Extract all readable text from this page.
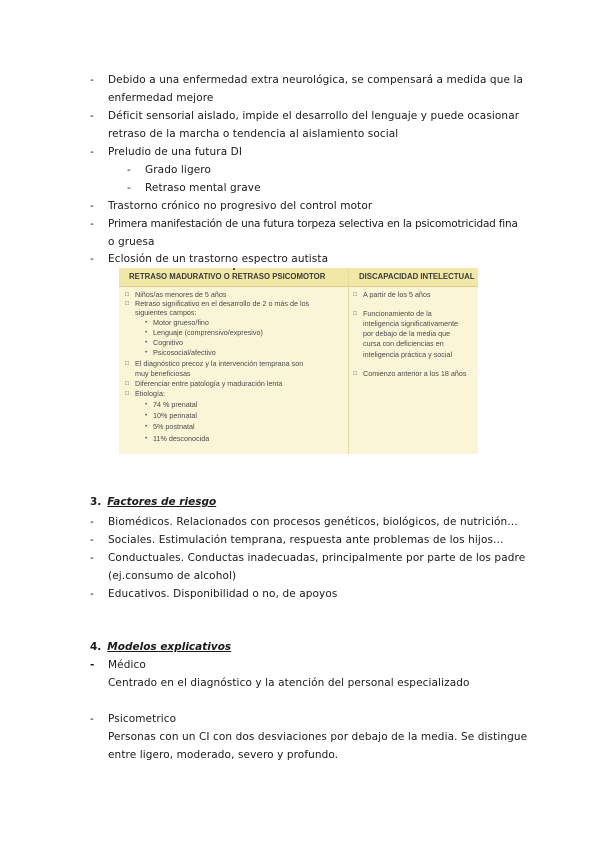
- Debido a una enfermedad extra neurológica, se compensará a medida que la
enfermedad mejore
- Déficit sensorial aislado, impide el desarrollo del lenguaje y puede ocasionar
retraso de la marcha o tendencia al aislamiento social
- Preludio de una futura DI
- Grado ligero
- Retraso mental grave
- Trastorno crónico no progresivo del control motor
- Primera manifestación de una futura torpeza selectiva en la psicomotricidad fina
o gruesa
- Eclosión de un trastorno espectro autista
RETRASO MADURATIVO O RETRASO PSICOMOTOR	DISCAPACIDAD INTELECTUAL
□ Niños/as menores de 5 años
□ Retraso significativo en el desarrollo de 2 o más de los
siguientes campos:
• Motor grueso/fino
• Lenguaje (comprensivo/expresivo)
• Cognitivo
• Psicosocial/afectivo
□ El diagnóstico precoz y la intervención temprana son
muy beneficiosas
□ Diferenciar entre patología y maduración lenta
□ Etiología:
• 74 % prenatal
• 10% perinatal
• 5% postnatal
• 11% desconocida
□ A partir de los 5 años
□ Funcionamiento de la
inteligencia significativamente
por debajo de la media que
cursa con deficiencias en
inteligencia práctica y social
□ Comienzo anterior a los 18 años
3. Factores de riesgo
- Biomédicos. Relacionados con procesos genéticos, biológicos, de nutrición…
- Sociales. Estimulación temprana, respuesta ante problemas de los hijos…
- Conductuales. Conductas inadecuadas, principalmente por parte de los padre
(ej.consumo de alcohol)
- Educativos. Disponibilidad o no, de apoyos
4. Modelos explicativos
- Médico
Centrado en el diagnóstico y la atención del personal especializado
- Psicometrico
Personas con un CI con dos desviaciones por debajo de la media. Se distingue
entre ligero, moderado, severo y profundo.
